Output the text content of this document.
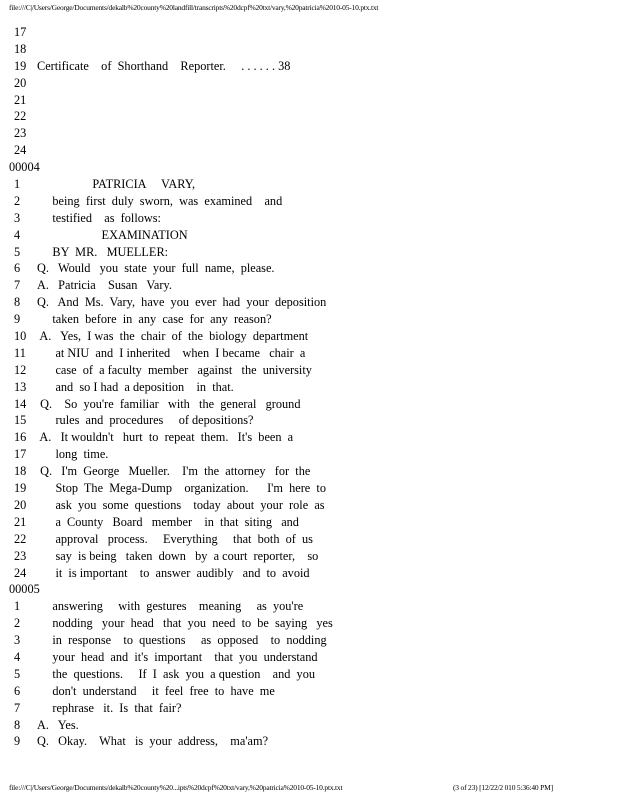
file:///C|/Users/George/Documents/dekalb%20county%20landfill/transcripts%20dcpf%20txt/vary,%20patricia%2010-05-10.ptx.txt
17
18
19 Certificate    of  Shorthand    Reporter.     . . . . . . 38
20
21
22
23
24
00004
1	PATRICIA     VARY,
2	being  first  duly  sworn,  was  examined    and
3	testified    as  follows:
4	EXAMINATION
5	BY  MR.   MUELLER:
6	Q.   Would   you  state  your  full  name,  please.
7	A.   Patricia    Susan   Vary.
8	Q.   And  Ms.  Vary,  have  you  ever  had  your  deposition
9	taken  before  in  any  case  for  any  reason?
10 A.   Yes,  I was  the  chair  of  the  biology  department
11 at NIU  and  I inherited    when  I became   chair  a
12 case  of  a faculty  member   against   the  university
13 and  so I had  a deposition    in  that.
14 Q.    So  you're  familiar   with   the  general   ground
15 rules  and  procedures     of depositions?
16 A.   It wouldn't   hurt  to  repeat  them.   It's  been  a
17 long  time.
18 Q.   I'm  George   Mueller.    I'm  the  attorney   for  the
19 Stop  The  Mega-Dump    organization.      I'm  here  to
20 ask  you  some  questions    today  about  your  role  as
21 a  County   Board   member    in  that  siting   and
22 approval   process.     Everything     that  both  of  us
23 say  is being   taken  down   by  a court  reporter,    so
24 it  is important    to  answer  audibly   and  to  avoid
00005
1	answering     with  gestures    meaning     as  you're
2	nodding   your  head   that  you  need  to  be  saying   yes
3	in  response    to  questions     as  opposed    to  nodding
4	your  head  and  it's  important    that  you  understand
5	the  questions.     If  I  ask  you  a question    and  you
6	don't  understand     it  feel  free  to  have  me
7	rephrase   it.  Is  that  fair?
8	A.   Yes.
9	Q.   Okay.    What   is  your  address,    ma'am?
file:///C|/Users/George/Documents/dekalb%20county%20...ipts%20dcpf%20txt/vary,%20patricia%2010-05-10.ptx.txt	(3 of 23) [12/22/2 010 5:36:40 PM]
